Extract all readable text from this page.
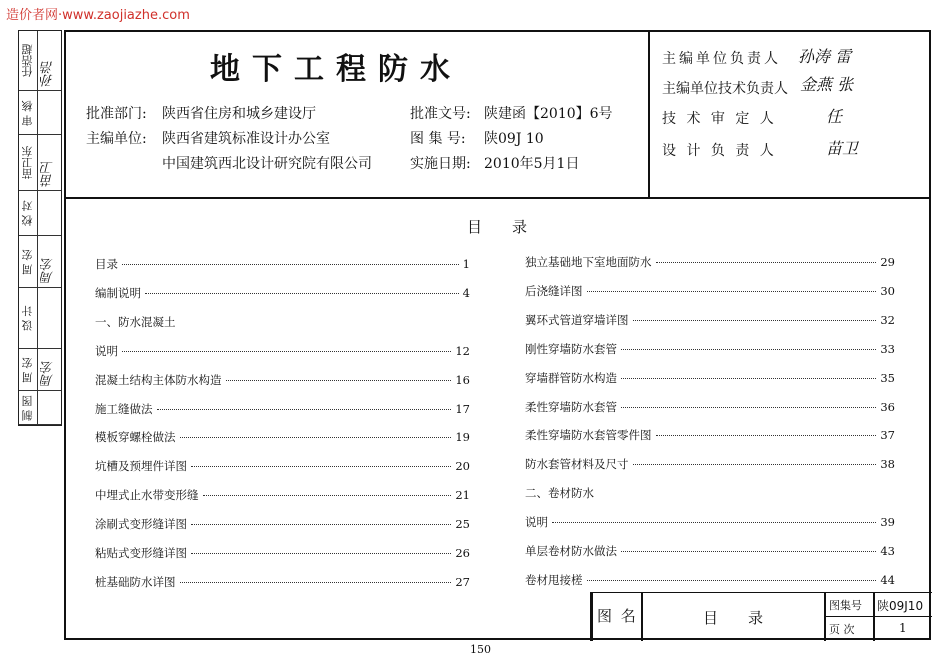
造价者网·www.zaojiazhe.com
任浩超 孙浩
审 核
苗卫东 苗卫
校 对
周 宏 周宏
设 计
周 宏 周宏
制 图
地下工程防水
批准部门: 陕西省住房和城乡建设厅
主编单位: 陕西省建筑标准设计办公室
中国建筑西北设计研究院有限公司
批准文号: 陕建函【2010】6号
图 集 号: 陕09J 10
实施日期: 2010年5月1日
主编单位负责人 孙涛 雷
主编单位技术负责人 金燕 张
技 术 审 定 人	任
设 计 负 责 人	苗卫
目　　录
图 名	目　　录
图集号 陕09J10
页 次	1
150
目录	1
编制说明	4
一、防水混凝土
说明	12
混凝土结构主体防水构造	16
施工缝做法	17
模板穿螺栓做法	19
坑槽及预埋件详图	20
中埋式止水带变形缝	21
涂刷式变形缝详图	25
粘贴式变形缝详图	26
桩基础防水详图	27
独立基础地下室地面防水	29
后浇缝详图	30
翼环式管道穿墙详图	32
刚性穿墙防水套管	33
穿墙群管防水构造	35
柔性穿墙防水套管	36
柔性穿墙防水套管零件图	37
防水套管材料及尺寸	38
二、卷材防水
说明	39
单层卷材防水做法	43
卷材甩接槎	44
